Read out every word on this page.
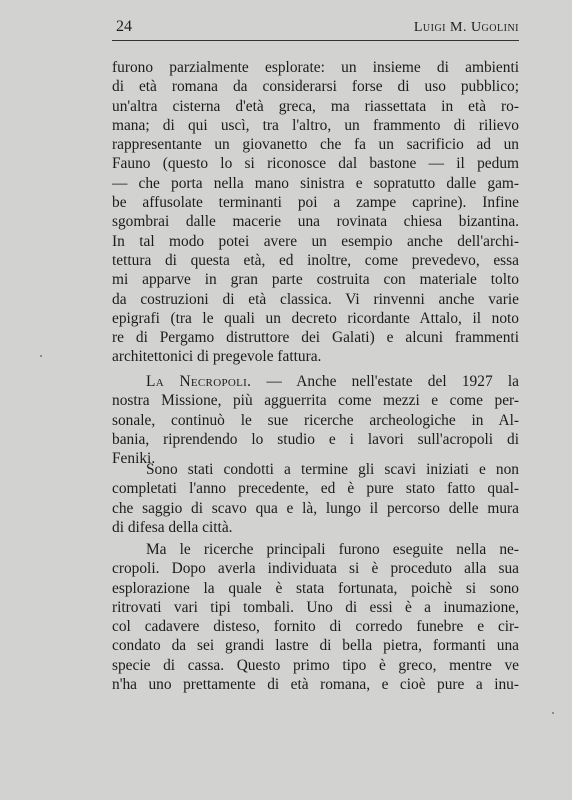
24	Luigi M. Ugolini
furono parzialmente esplorate: un insieme di ambienti
di età romana da considerarsi forse di uso pubblico;
un'altra cisterna d'età greca, ma riassettata in età ro-
mana; di qui uscì, tra l'altro, un frammento di rilievo
rappresentante un giovanetto che fa un sacrificio ad un
Fauno (questo lo si riconosce dal bastone — il pedum
— che porta nella mano sinistra e sopratutto dalle gam-
be affusolate terminanti poi a zampe caprine). Infine
sgombrai dalle macerie una rovinata chiesa bizantina.
In tal modo potei avere un esempio anche dell'archi-
tettura di questa età, ed inoltre, come prevedevo, essa
mi apparve in gran parte costruita con materiale tolto
da costruzioni di età classica. Vi rinvenni anche varie
epigrafi (tra le quali un decreto ricordante Attalo, il noto
re di Pergamo distruttore dei Galati) e alcuni frammenti
architettonici di pregevole fattura.
La Necropoli. — Anche nell'estate del 1927 la
nostra Missione, più agguerrita come mezzi e come per-
sonale, continuò le sue ricerche archeologiche in Al-
bania, riprendendo lo studio e i lavori sull'acropoli di
Feniki.
Sono stati condotti a termine gli scavi iniziati e non
completati l'anno precedente, ed è pure stato fatto qual-
che saggio di scavo qua e là, lungo il percorso delle mura
di difesa della città.
Ma le ricerche principali furono eseguite nella ne-
cropoli. Dopo averla individuata si è proceduto alla sua
esplorazione la quale è stata fortunata, poichè si sono
ritrovati vari tipi tombali. Uno di essi è a inumazione,
col cadavere disteso, fornito di corredo funebre e cir-
condato da sei grandi lastre di bella pietra, formanti una
specie di cassa. Questo primo tipo è greco, mentre ve
n'ha uno prettamente di età romana, e cioè pure a inu-
